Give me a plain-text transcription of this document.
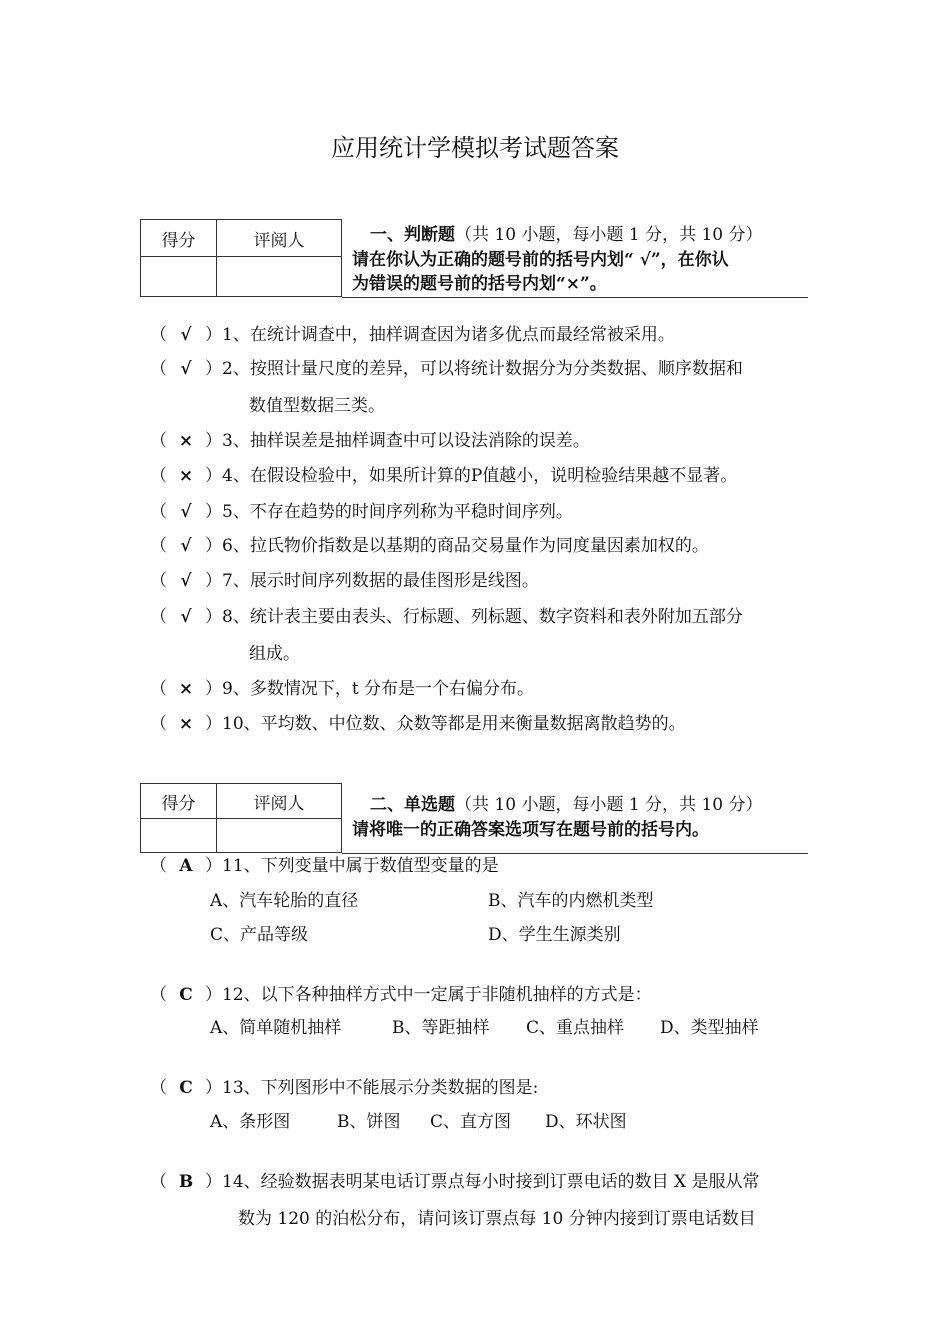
应用统计学模拟考试题答案
得分	评阅人
		一、判断题（共 10 小题，每小题 1 分，共 10 分）
请在你认为正确的题号前的括号内划“ √”，在你认
为错误的题号前的括号内划“×”。
（ √ ）1、在统计调查中，抽样调查因为诸多优点而最经常被采用。
（ √ ）2、按照计量尺度的差异，可以将统计数据分为分类数据、顺序数据和
数值型数据三类。
（ × ）3、抽样误差是抽样调查中可以设法消除的误差。
（ × ）4、在假设检验中，如果所计算的P值越小，说明检验结果越不显著。
（ √ ）5、不存在趋势的时间序列称为平稳时间序列。
（ √ ）6、拉氏物价指数是以基期的商品交易量作为同度量因素加权的。
（ √ ）7、展示时间序列数据的最佳图形是线图。
（ √ ）8、统计表主要由表头、行标题、列标题、数字资料和表外附加五部分
组成。
（ × ）9、多数情况下，t 分布是一个右偏分布。
（ × ）10、平均数、中位数、众数等都是用来衡量数据离散趋势的。
得分	评阅人
		二、单选题（共 10 小题，每小题 1 分，共 10 分）
请将唯一的正确答案选项写在题号前的括号内。
（ A ）11、下列变量中属于数值型变量的是
A、汽车轮胎的直径	B、汽车的内燃机类型
C、产品等级	D、学生生源类别
（ C ）12、以下各种抽样方式中一定属于非随机抽样的方式是：
A、简单随机抽样	B、等距抽样 C、重点抽样 D、类型抽样
（ C ）13、下列图形中不能展示分类数据的图是:
A、条形图	B、饼图 C、直方图 D、环状图
（ B ）14、经验数据表明某电话订票点每小时接到订票电话的数目 X 是服从常
数为 120 的泊松分布，请问该订票点每 10 分钟内接到订票电话数目
